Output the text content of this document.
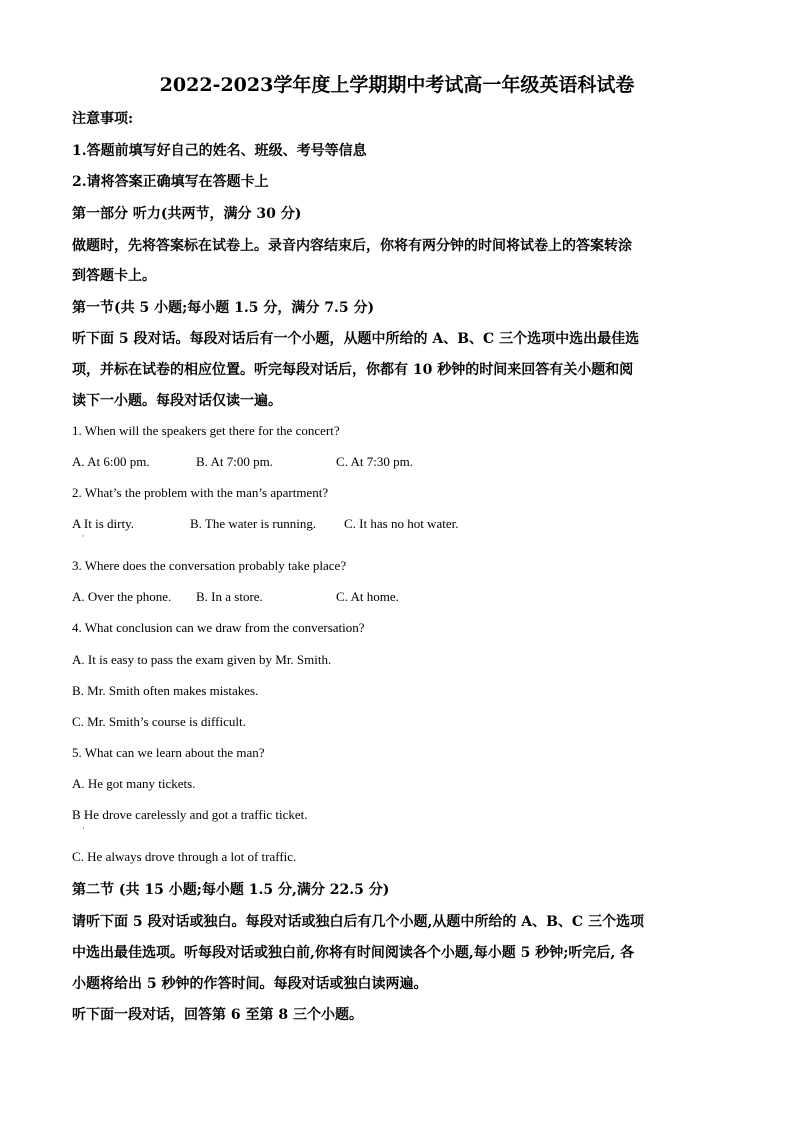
2022-2023学年度上学期期中考试高一年级英语科试卷
注意事项:
1.答题前填写好自己的姓名、班级、考号等信息
2.请将答案正确填写在答题卡上
第一部分 听力(共两节，满分 30 分)
做题时，先将答案标在试卷上。录音内容结束后，你将有两分钟的时间将试卷上的答案转涂
到答题卡上。
第一节(共 5 小题;每小题 1.5 分，满分 7.5 分)
听下面 5 段对话。每段对话后有一个小题，从题中所给的 A、B、C 三个选项中选出最佳选
项，并标在试卷的相应位置。听完每段对话后，你都有 10 秒钟的时间来回答有关小题和阅
读下一小题。每段对话仅读一遍。
1. When will the speakers get there for the concert?
A. At 6:00 pm.	B. At 7:00 pm.	C. At 7:30 pm.
2. What’s the problem with the man’s apartment?
A It is dirty.
·
B. The water is running. C. It has no hot water.
3. Where does the conversation probably take place?
A. Over the phone. B. In a store.	C. At home.
4. What conclusion can we draw from the conversation?
A. It is easy to pass the exam given by Mr. Smith.
B. Mr. Smith often makes mistakes.
C. Mr. Smith’s course is difficult.
5. What can we learn about the man?
A. He got many tickets.
B He drove carelessly and got a traffic ticket.
·
C. He always drove through a lot of traffic.
第二节 (共 15 小题;每小题 1.5 分,满分 22.5 分)
请听下面 5 段对话或独白。每段对话或独白后有几个小题,从题中所给的 A、B、C 三个选项
中选出最佳选项。听每段对话或独白前,你将有时间阅读各个小题,每小题 5 秒钟;听完后, 各
小题将给出 5 秒钟的作答时间。每段对话或独白读两遍。
听下面一段对话，回答第 6 至第 8 三个小题。
